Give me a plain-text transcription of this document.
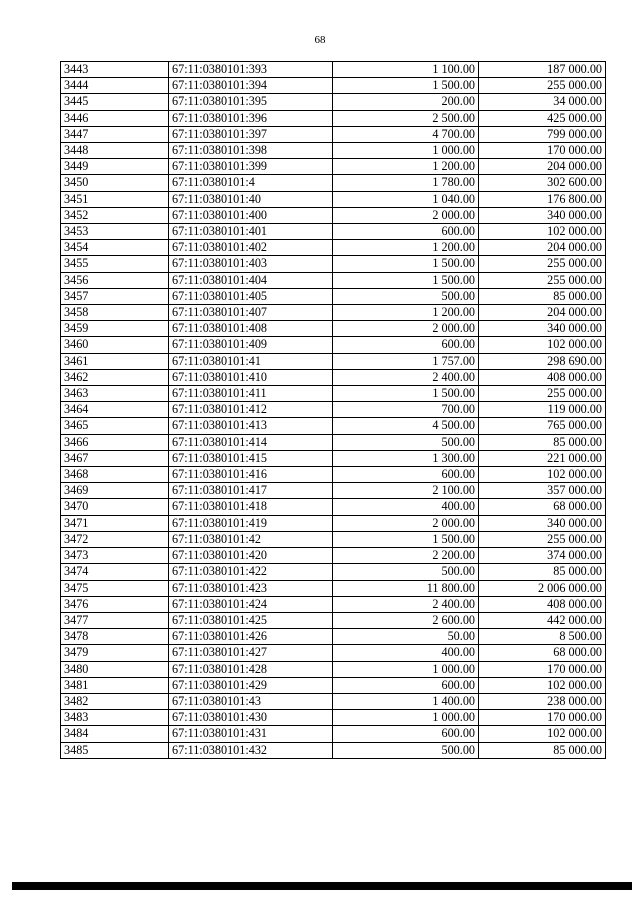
68
3443	67:11:0380101:393	1 100.00	187 000.00
3444	67:11:0380101:394	1 500.00	255 000.00
3445	67:11:0380101:395	200.00	34 000.00
3446	67:11:0380101:396	2 500.00	425 000.00
3447	67:11:0380101:397	4 700.00	799 000.00
3448	67:11:0380101:398	1 000.00	170 000.00
3449	67:11:0380101:399	1 200.00	204 000.00
3450	67:11:0380101:4	1 780.00	302 600.00
3451	67:11:0380101:40	1 040.00	176 800.00
3452	67:11:0380101:400	2 000.00	340 000.00
3453	67:11:0380101:401	600.00	102 000.00
3454	67:11:0380101:402	1 200.00	204 000.00
3455	67:11:0380101:403	1 500.00	255 000.00
3456	67:11:0380101:404	1 500.00	255 000.00
3457	67:11:0380101:405	500.00	85 000.00
3458	67:11:0380101:407	1 200.00	204 000.00
3459	67:11:0380101:408	2 000.00	340 000.00
3460	67:11:0380101:409	600.00	102 000.00
3461	67:11:0380101:41	1 757.00	298 690.00
3462	67:11:0380101:410	2 400.00	408 000.00
3463	67:11:0380101:411	1 500.00	255 000.00
3464	67:11:0380101:412	700.00	119 000.00
3465	67:11:0380101:413	4 500.00	765 000.00
3466	67:11:0380101:414	500.00	85 000.00
3467	67:11:0380101:415	1 300.00	221 000.00
3468	67:11:0380101:416	600.00	102 000.00
3469	67:11:0380101:417	2 100.00	357 000.00
3470	67:11:0380101:418	400.00	68 000.00
3471	67:11:0380101:419	2 000.00	340 000.00
3472	67:11:0380101:42	1 500.00	255 000.00
3473	67:11:0380101:420	2 200.00	374 000.00
3474	67:11:0380101:422	500.00	85 000.00
3475	67:11:0380101:423	11 800.00	2 006 000.00
3476	67:11:0380101:424	2 400.00	408 000.00
3477	67:11:0380101:425	2 600.00	442 000.00
3478	67:11:0380101:426	50.00	8 500.00
3479	67:11:0380101:427	400.00	68 000.00
3480	67:11:0380101:428	1 000.00	170 000.00
3481	67:11:0380101:429	600.00	102 000.00
3482	67:11:0380101:43	1 400.00	238 000.00
3483	67:11:0380101:430	1 000.00	170 000.00
3484	67:11:0380101:431	600.00	102 000.00
3485	67:11:0380101:432	500.00	85 000.00
